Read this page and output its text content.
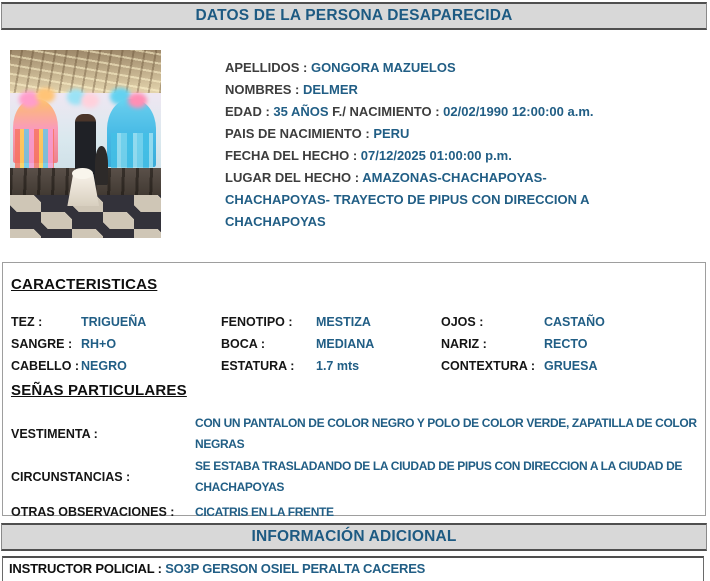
DATOS DE LA PERSONA DESAPARECIDA
APELLIDOS : GONGORA MAZUELOS
NOMBRES : DELMER
EDAD : 35 AÑOS F./ NACIMIENTO : 02/02/1990 12:00:00 a.m.
PAIS DE NACIMIENTO : PERU
FECHA DEL HECHO : 07/12/2025 01:00:00 p.m.
LUGAR DEL HECHO : AMAZONAS-CHACHAPOYAS- CHACHAPOYAS- TRAYECTO DE PIPUS CON DIRECCION A CHACHAPOYAS
CARACTERISTICAS
TEZ :	TRIGUEÑA	FENOTIPO : MESTIZA	OJOS :	CASTAÑO
SANGRE : RH+O	BOCA :	MEDIANA	NARIZ :	RECTO
CABELLO : NEGRO	ESTATURA : 1.7 mts	CONTEXTURA : GRUESA
SEÑAS PARTICULARES
VESTIMENTA :
CON UN PANTALON DE COLOR NEGRO Y POLO DE COLOR VERDE, ZAPATILLA DE COLOR NEGRAS
CIRCUNSTANCIAS :
SE ESTABA TRASLADANDO DE LA CIUDAD DE PIPUS CON DIRECCION A LA CIUDAD DE CHACHAPOYAS
OTRAS OBSERVACIONES :	CICATRIS EN LA FRENTE
INFORMACIÓN ADICIONAL
INSTRUCTOR POLICIAL : SO3P GERSON OSIEL PERALTA CACERES
